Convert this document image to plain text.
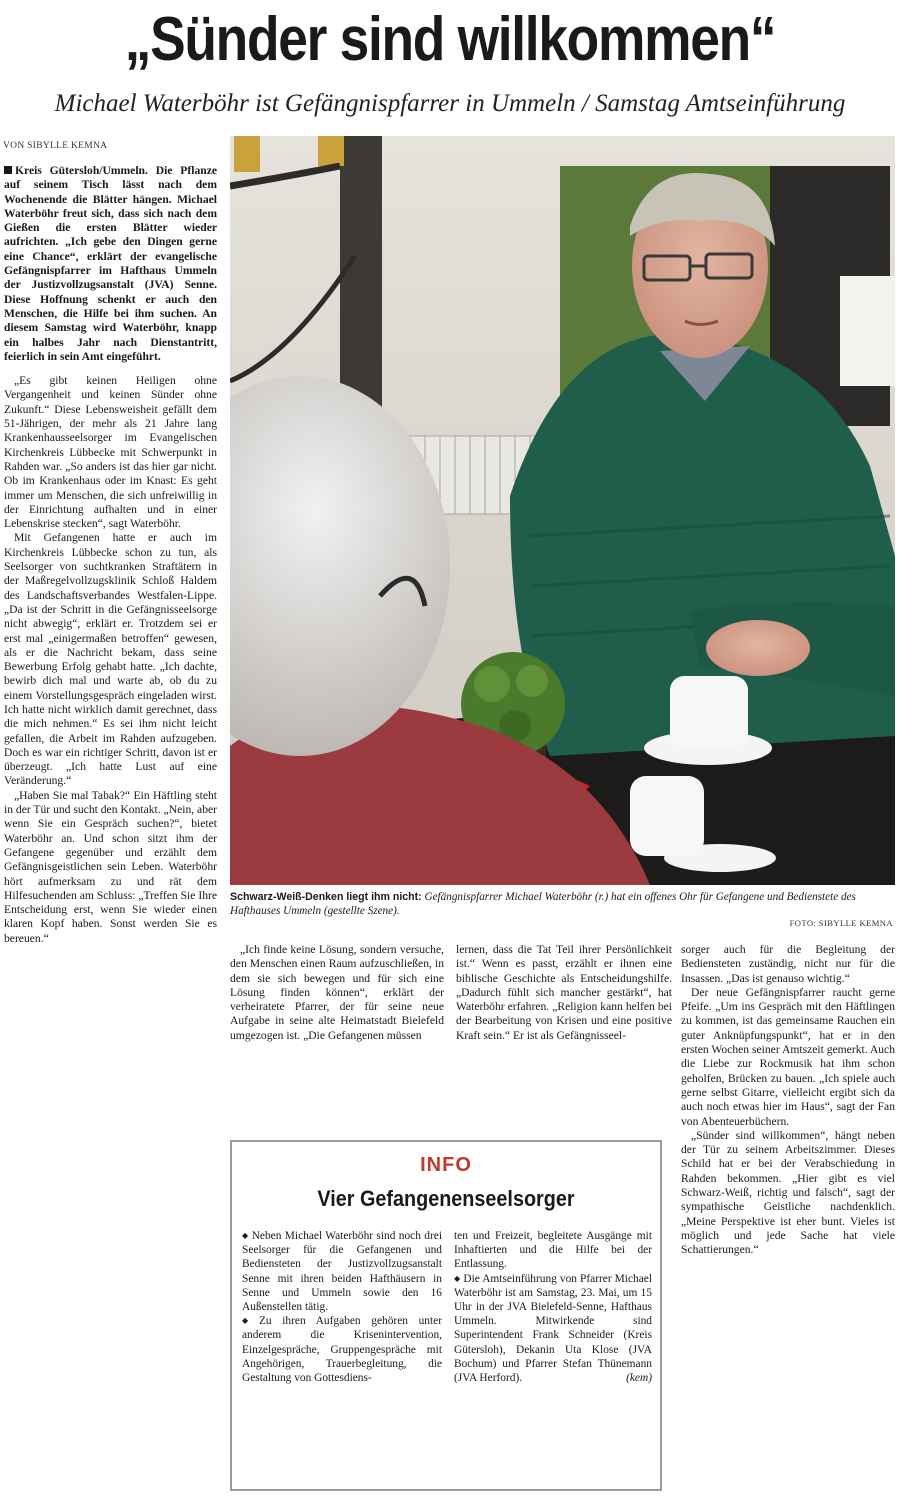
„Sünder sind willkommen“
Michael Waterböhr ist Gefängnispfarrer in Ummeln / Samstag Amtseinführung
VON SIBYLLE KEMNA

Kreis Gütersloh/Ummeln. Die Pflanze auf seinem Tisch lässt nach dem Wochenende die Blätter hängen. Michael Waterböhr freut sich, dass sich nach dem Gießen die ersten Blätter wieder aufrichten. „Ich gebe den Dingen gerne eine Chance“, erklärt der evangelische Gefängnispfarrer im Hafthaus Ummeln der Justizvollzugsanstalt (JVA) Senne. Diese Hoffnung schenkt er auch den Menschen, die Hilfe bei ihm suchen. An diesem Samstag wird Waterböhr, knapp ein halbes Jahr nach Dienstantritt, feierlich in sein Amt eingeführt.

„Es gibt keinen Heiligen ohne Vergangenheit und keinen Sünder ohne Zukunft.“ Diese Lebensweisheit gefällt dem 51-Jährigen, der mehr als 21 Jahre lang Krankenhausseelsorger im Evangelischen Kirchenkreis Lübbecke mit Schwerpunkt in Rahden war. „So anders ist das hier gar nicht. Ob im Krankenhaus oder im Knast: Es geht immer um Menschen, die sich unfreiwillig in der Einrichtung aufhalten und in einer Lebenskrise stecken“, sagt Waterböhr.

Mit Gefangenen hatte er auch im Kirchenkreis Lübbecke schon zu tun, als Seelsorger von suchtkranken Straftätern in der Maßregelvollzugsklinik Schloß Haldem des Landschaftsverbandes Westfalen-Lippe. „Da ist der Schritt in die Gefängnisseelsorge nicht abwegig“, erklärt er. Trotzdem sei er erst mal „einigermaßen betroffen“ gewesen, als er die Nachricht bekam, dass seine Bewerbung Erfolg gehabt hatte. „Ich dachte, bewirb dich mal und warte ab, ob du zu einem Vorstellungsgespräch eingeladen wirst. Ich hatte nicht wirklich damit gerechnet, dass die mich nehmen.“ Es sei ihm nicht leicht gefallen, die Arbeit im Rahden aufzugeben. Doch es war ein richtiger Schritt, davon ist er überzeugt. „Ich hatte Lust auf eine Veränderung.“

„Haben Sie mal Tabak?“ Ein Häftling steht in der Tür und sucht den Kontakt. „Nein, aber wenn Sie ein Gespräch suchen?“, bietet Waterböhr an. Und schon sitzt ihm der Gefangene gegenüber und erzählt dem Gefängnisgeistlichen sein Leben. Waterböhr hört aufmerksam zu und rät dem Hilfesuchenden am Schluss: „Treffen Sie Ihre Entscheidung erst, wenn Sie wieder einen klaren Kopf haben. Sonst werden Sie es bereuen.“

Schwarz-Weiß-Denken liegt ihm nicht: Gefängnispfarrer Michael Waterböhr (r.) hat ein offenes Ohr für Gefangene und Bedienstete des Hafthauses Ummeln (gestellte Szene).
FOTO: SIBYLLE KEMNA

„Ich finde keine Lösung, sondern versuche, den Menschen einen Raum aufzuschließen, in dem sie sich bewegen und für sich eine Lösung finden können“, erklärt der verheiratete Pfarrer, der für seine neue Aufgabe in seine alte Heimatstadt Bielefeld umgezogen ist. „Die Gefangenen müssen

lernen, dass die Tat Teil ihrer Persönlichkeit ist.“ Wenn es passt, erzählt er ihnen eine biblische Geschichte als Entscheidungshilfe. „Dadurch fühlt sich mancher gestärkt“, hat Waterböhr erfahren. „Religion kann helfen bei der Bearbeitung von Krisen und eine positive Kraft sein.“ Er ist als Gefängnisseel-

sorger auch für die Begleitung der Bediensteten zuständig, nicht nur für die Insassen. „Das ist genauso wichtig.“

Der neue Gefängnispfarrer raucht gerne Pfeife. „Um ins Gespräch mit den Häftlingen zu kommen, ist das gemeinsame Rauchen ein guter Anknüpfungspunkt“, hat er in den ersten Wochen seiner Amtszeit gemerkt. Auch die Liebe zur Rockmusik hat ihm schon geholfen, Brücken zu bauen. „Ich spiele auch gerne selbst Gitarre, vielleicht ergibt sich da auch noch etwas hier im Haus“, sagt der Fan von Abenteuerbüchern.

„Sünder sind willkommen“, hängt neben der Tür zu seinem Arbeitszimmer. Dieses Schild hat er bei der Verabschiedung in Rahden bekommen. „Hier gibt es viel Schwarz-Weiß, richtig und falsch“, sagt der sympathische Geistliche nachdenklich. „Meine Perspektive ist eher bunt. Vieles ist möglich und jede Sache hat viele Schattierungen.“

INFO
Vier Gefangenenseelsorger

◆ Neben Michael Waterböhr sind noch drei Seelsorger für die Gefangenen und Bediensteten der Justizvollzugsanstalt Senne mit ihren beiden Hafthäusern in Senne und Ummeln sowie den 16 Außenstellen tätig.

◆ Zu ihren Aufgaben gehören unter anderem die Krisenintervention, Einzelgespräche, Gruppengespräche mit Angehörigen, Trauerbegleitung, die Gestaltung von Gottesdiens-

ten und Freizeit, begleitete Ausgänge mit Inhaftierten und die Hilfe bei der Entlassung.

◆ Die Amtseinführung von Pfarrer Michael Waterböhr ist am Samstag, 23. Mai, um 15 Uhr in der JVA Bielefeld-Senne, Hafthaus Ummeln. Mitwirkende sind Superintendent Frank Schneider (Kreis Gütersloh), Dekanin Uta Klose (JVA Bochum) und Pfarrer Stefan Thünemann (JVA Herford).	(kem)
